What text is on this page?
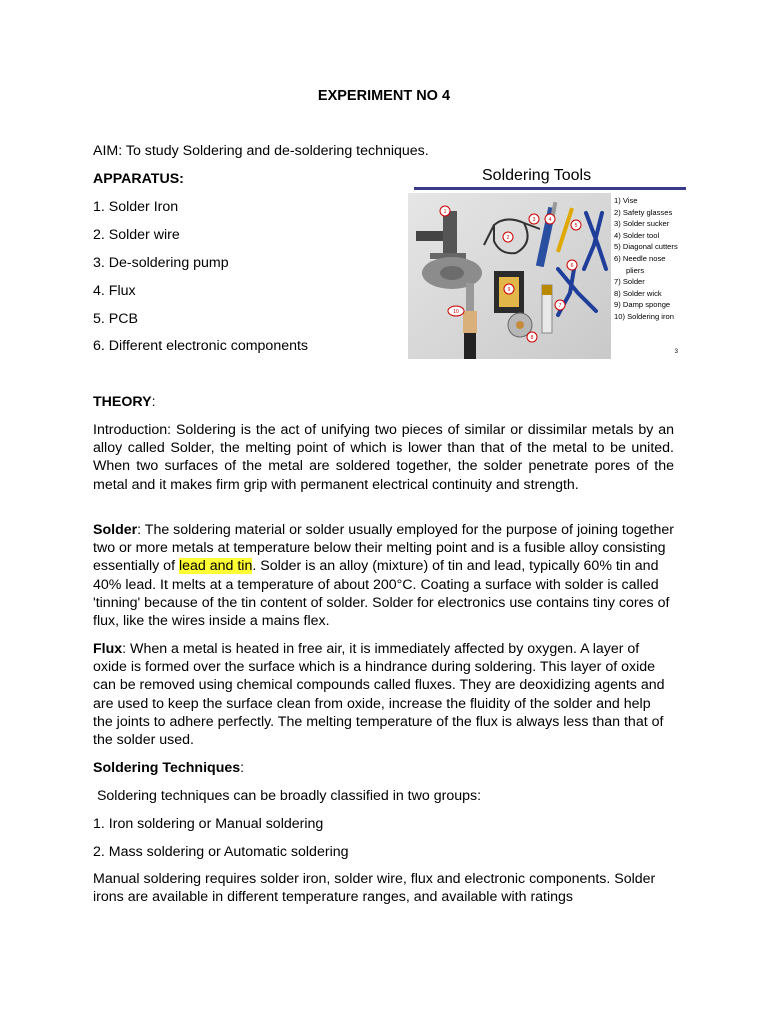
EXPERIMENT NO 4
AIM: To study Soldering and de-soldering techniques.
APPARATUS:
1. Solder Iron
2. Solder wire
3. De-soldering pump
4. Flux
5. PCB
6. Different electronic components
Soldering Tools
1
2
3	4
5
6
7
8
9
10
1) Vise
2) Safety glasses
3) Solder sucker
4) Solder tool
5) Diagonal cutters
6) Needle nose
pliers
7) Solder
8) Solder wick
9) Damp sponge
10) Soldering iron
3
THEORY:
Introduction: Soldering is the act of unifying two pieces of similar or dissimilar metals by an alloy called Solder, the melting point of which is lower than that of the metal to be united. When two surfaces of the metal are soldered together, the solder penetrate pores of the metal and it makes firm grip with permanent electrical continuity and strength.
Solder: The soldering material or solder usually employed for the purpose of joining together two or more metals at temperature below their melting point and is a fusible alloy consisting essentially of lead and tin. Solder is an alloy (mixture) of tin and lead, typically 60% tin and 40% lead. It melts at a temperature of about 200°C. Coating a surface with solder is called 'tinning' because of the tin content of solder. Solder for electronics use contains tiny cores of flux, like the wires inside a mains flex.
Flux: When a metal is heated in free air, it is immediately affected by oxygen. A layer of oxide is formed over the surface which is a hindrance during soldering. This layer of oxide can be removed using chemical compounds called fluxes. They are deoxidizing agents and are used to keep the surface clean from oxide, increase the fluidity of the solder and help the joints to adhere perfectly. The melting temperature of the flux is always less than that of the solder used.
Soldering Techniques:
Soldering techniques can be broadly classified in two groups:
1. Iron soldering or Manual soldering
2. Mass soldering or Automatic soldering
Manual soldering requires solder iron, solder wire, flux and electronic components. Solder irons are available in different temperature ranges, and available with ratings
